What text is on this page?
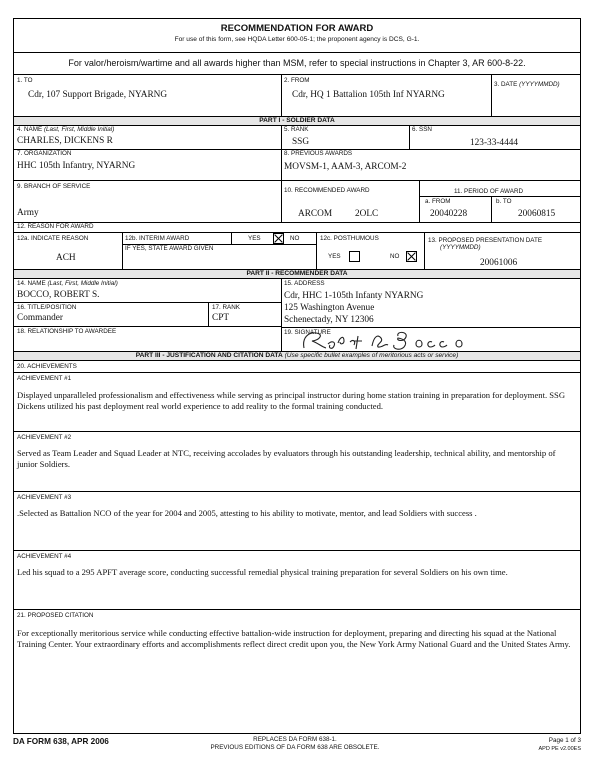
RECOMMENDATION FOR AWARD
For use of this form, see HQDA Letter 600-05-1; the proponent agency is DCS, G-1.
For valor/heroism/wartime and all awards higher than MSM, refer to special instructions in Chapter 3, AR 600-8-22.
1. TO
Cdr, 107 Support Brigade, NYARNG
2. FROM
Cdr, HQ 1 Battalion 105th Inf NYARNG
3. DATE (YYYYMMDD)
PART I - SOLDIER DATA
4. NAME (Last, First, Middle Initial)
CHARLES, DICKENS R
5. RANK
SSG
6. SSN
123-33-4444
7. ORGANIZATION
HHC 105th Infantry, NYARNG
8. PREVIOUS AWARDS
MOVSM-1, AAM-3, ARCOM-2
9. BRANCH OF SERVICE
Army
10. RECOMMENDED AWARD
ARCOM 2OLC
11. PERIOD OF AWARD
a. FROM
20040228
b. TO
20060815
12. REASON FOR AWARD
12a. INDICATE REASON
ACH
12b. INTERIM AWARD	YES	NO
IF YES, STATE AWARD GIVEN
12c. POSTHUMOUS
YES	NO
13. PROPOSED PRESENTATION DATE
(YYYYMMDD)
20061006
PART II - RECOMMENDER DATA
14. NAME (Last, First, Middle Initial)
BOCCO, ROBERT S.
16. TITLE/POSITION
Commander
17. RANK
CPT
18. RELATIONSHIP TO AWARDEE
15. ADDRESS
Cdr, HHC 1-105th Infanty NYARNG
125 Washington Avenue
Schenectady, NY 12306
19. SIGNATURE
PART III - JUSTIFICATION AND CITATION DATA (Use specific bullet examples of meritorious acts or service)
20. ACHIEVEMENTS
ACHIEVEMENT #1
Displayed unparalleled professionalism and effectiveness while serving as principal instructor during home station training in preparation for deployment. SSG Dickens utilized his past deployment real world experience to add reality to the formal training conducted.
ACHIEVEMENT #2
Served as Team Leader and Squad Leader at NTC, receiving accolades by evaluators through his outstanding leadership, technical ability, and mentorship of junior Soldiers.
ACHIEVEMENT #3
.Selected as Battalion NCO of the year for 2004 and 2005, attesting to his ability to motivate, mentor, and lead Soldiers with success .
ACHIEVEMENT #4
Led his squad to a 295 APFT average score, conducting successful remedial physical training preparation for several Soldiers on his own time.
21. PROPOSED CITATION
For exceptionally meritorious service while conducting effective battalion-wide instruction for deployment, preparing and directing his squad at the National Training Center. Your extraordinary efforts and accomplishments reflect direct credit upon you, the New York Army National Guard and the United States Army.
DA FORM 638, APR 2006	REPLACES DA FORM 638-1.
PREVIOUS EDITIONS OF DA FORM 638 ARE OBSOLETE.
Page 1 of 3
APD PE v2.00ES
